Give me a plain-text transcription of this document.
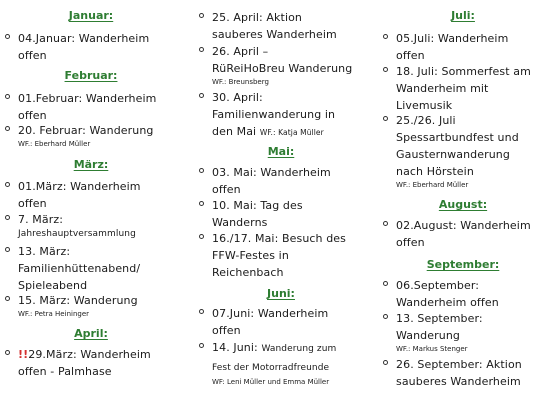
Januar:
04.Januar: Wanderheim
offen
Februar:
01.Februar: Wanderheim
offen
20. Februar: Wanderung
WF.: Eberhard Müller
März:
01.März: Wanderheim
offen
7. März:
Jahreshauptversammlung
13. März:
Familienhüttenabend/
Spieleabend
15. März: Wanderung
WF.: Petra Heininger
April:
!!29.März: Wanderheim
offen - Palmhase
25. April: Aktion
sauberes Wanderheim
26. April –
RüReiHoBreu Wanderung
WF.: Breunsberg
30. April:
Familienwanderung in
den Mai WF.: Katja Müller
Mai:
03. Mai: Wanderheim
offen
10. Mai: Tag des
Wanderns
16./17. Mai: Besuch des
FFW-Festes in
Reichenbach
Juni:
07.Juni: Wanderheim
offen
14. Juni: Wanderung zum
Fest der Motorradfreunde
WF: Leni Müller und Emma Müller
Juli:
05.Juli: Wanderheim
offen
18. Juli: Sommerfest am
Wanderheim mit
Livemusik
25./26. Juli
Spessartbundfest und
Gausternwanderung
nach Hörstein
WF.: Eberhard Müller
August:
02.August: Wanderheim
offen
September:
06.September:
Wanderheim offen
13. September:
Wanderung
WF.: Markus Stenger
26. September: Aktion
sauberes Wanderheim
